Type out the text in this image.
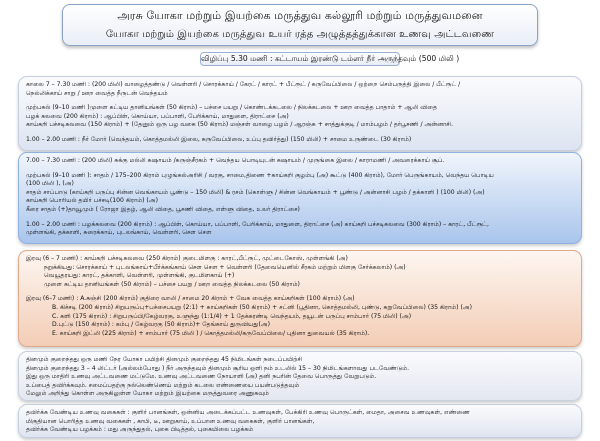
அரசு யோகா மற்றும் இயற்கை மருத்துவ கல்லூரி மற்றும் மருத்துவமனை
யோகா மற்றும் இயற்கை மருத்துவ உயர் ரத்த அழுத்தத்துக்கான உணவு அட்டவணை
விழிப்பு 5.30 மணி : கட்டாயம் இரண்டு டம்ளர் நீர் அருந்தவும் (500 மிலி )

காலை 7 – 7.30 மணி : (200 மிலி) வாழைத்தண்டு / வெள்ளரி / சொரக்காய் / கேரட் / காரட் + பீட்ரூட் / கருவேப்பிலை / ஒற்றை செம்பருத்தி இலை / பீட்ரூட் /

நெல்லிக்காய் சாறு / ஊற வைத்த நீருடன் வெந்தயம்

முற்பகல் (9–10 மணி )முளை கட்டிய தானியங்கள் (50 கிராம்) – பச்சை பயறு / கொண்டக்கடலை / நிலக்கடலை + ஊற வைத்த பாதாம் + ஆலி விதை

பழக் கலவை (200 கிராம்) : ஆப்பிள், கொய்யா, பப்பாளி, பேரிக்காய், மாதுளை, திராட்சை (அ)

காய்கறி பச்சடிகலவை (150 கிராம்) + (தேனும் ஒரு பழ வகை (50 கிராம்) மஞ்சள் வாழை பழம் / ஆரஞ்சு + சாத்துக்குடி / மாம்பழம் / தர்பூசணி / அன்னாசி.

1.00 – 2.00 மணி : நீர் மோர் (வெந்தயம், கொத்தமல்லி இலை, கருவேப்பிலை, உப்பு தவிர்த்து) (150 மிலி) + சாமை உருண்டை (30 கிராம்)

7.00 – 7.30 மணி : (200 மிலி) சுக்கு மல்லி கஷாயம் /கருஞ்சீரகம் + வெந்தய பொடியுடன் கஷாயம் / முருங்கை இலை / காராமணி / அவரைக்காய் சூப்.

முற்பகல் (9–10 மணி ): சாதம் / 175–200 கிராம் புழுங்கல்அரிசி / வரகு, சாமை,திணை +காய்கறி குழம்பு (அ) கூட்டு (400 கிராம்), மோர் பெருங்காயம், வெந்தய பொடிய

(100 மிலி ), (அ)

சாதம் சாப்பாடு (காய்கறி பருப்பு சின்ன வெங்காயம் பூண்டு – 150 மிலி) & ரசம் (கொள்ளு / சின்ன வெங்காயம் + பூண்டு / அன்னாசி பழம் / தக்காளி ) (100 மிலி) (அ)

காய்கறி பொரியல் தயிர் பச்சடி(100 கிராம்) (அ)

கீரை சாதம் (+)தாவூமும் ( ரோஜா இதழ், ஆலி விதை, பூசணி விதை, எள்ளு விதை, உலர் திராட்சை)

1.00 – 2.00 மணி : பழக்கலவை (200 கிராம்) : ஆப்பிள், கொய்யா, பப்பாளி, பேரிக்காய், மாதுளை, திராட்சை (அ) காய்கறி பச்சடிகலவை (300 கிராம்) – காரட், பீட்ரூட்,

முள்ளங்கி, தக்காளி, சுரைக்காய், புடலங்காய், வெள்ளரி, சௌ சௌ

இரவு (6 – 7 மணி) : காய்கறி பச்சடிகலவை (250 கிராம்) குடைமிளகு : காரட்,பீட்ரூட், முட்டைகோஸ், முள்ளங்கி (அ)

நறுக்கியது: சொரக்காய் + புடலங்காய்+பீர்க்கங்காய் சௌ சௌ + வெள்ளரி (தேவையெனில் சீரகம் மற்றும் மிளகு சேர்க்கலாம்) (அ)

வெயூதரயது: காரட், தக்காளி, வெள்ளரி, முள்ளங்கி, குடமிளகாய் (+)

முளை கட்டிய தானியங்கள் (50 கிராம்) – பச்சை பயறு / ஊற வைத்த நிலக்கடலை (50 கிராம்)

இரவு (6–7 மணி) : A.கஞ்சி (200 கிராம்) குதிரை வாலி / சாமை 20 கிராம் + வேக வைத்த காய்கறிகள் (100 கிராம்) (அ)

B. கிச்சடி (200 கிராம்) சிறுபருப்பு+பச்சைபயறு (2:1) + காய்கறிகள் (50 கிராம்) + சட்னி (பூதினா, கொத்தமல்லி, புண்டு, கறுவேப்பிலை) (35 கிராம்) (அ)

C. களி (175 கிராம்) : சிறுபருப்பி/கேழ்வரகு, உளுந்து (1:1/4) + 1 தேக்கரண்டி வெந்தயம், தயூடன் பருப்பு சாம்பார் (75 மிலி) (அ)

D.புட்டு (150 கிராம்) : கம்பு / கேழ்வரகு (50 கிராம்)+ தேங்காய் துருவியது(அ)

E. காய்கறி இட்லி (225 கிராம்) + சாம்பார் (75 மிலி ) / கொத்தமல்லி/கருவேப்பிலை/ புதினா துவையல் (35 கிராம்).

தினமும் குறைந்தது ஒரு மணி நேர யோகா பயிற்சி தினமும் குறைந்தது 45 நிமிடங்கள் நடைப்பயிற்சி

தினமும் குறைந்தது 3 – 4 லிட்டர் (அல்லம்போது ) நீர் அருந்தவும் தினமும் சூரிய ஒளி நம் உடலில் 15 – 30 நிமிடங்களாவது படவேண்டும்.

இது ஒரு மாதிரி உணவு அட்டவணை மட்டுமே. உணவு அட்டவணை நோயாளி (அ) தனி நபரின் தேவை பொருத்து வேறுபடும்.

உப்பைத் தவிர்க்கவும். சமைப்பதற்கு நல்லெண்ணெய் மற்றும் கடலை எண்ணையை பயன்படுத்தவும்

மேலும் அறிந்து கொள்ள அருகிலுள்ள யோகா மற்றும் இயற்கை மருத்துவரை அணுகவும்

தவிர்க்க வேண்டிய உணவு வகைகள் : குளிர் பானங்கள், ஒன்னிய அடைக்கப்பட்ட உணவுகள், பேக்கிரி உணவு பொருட்கள், மைதா, அசைவ உணவுகள், எண்ணை

மிகுதியான பொரித்த உணவு வகைகள் , காபி, டீ, ஊறுகாய், உப்பான உணவு வகைகள், குளிர் பானங்கள்,

தவிர்க்க வேண்டிய பழக்கம் : மது அருந்துதல், புகை பிடித்தல், புகையிலை பழக்கம்
